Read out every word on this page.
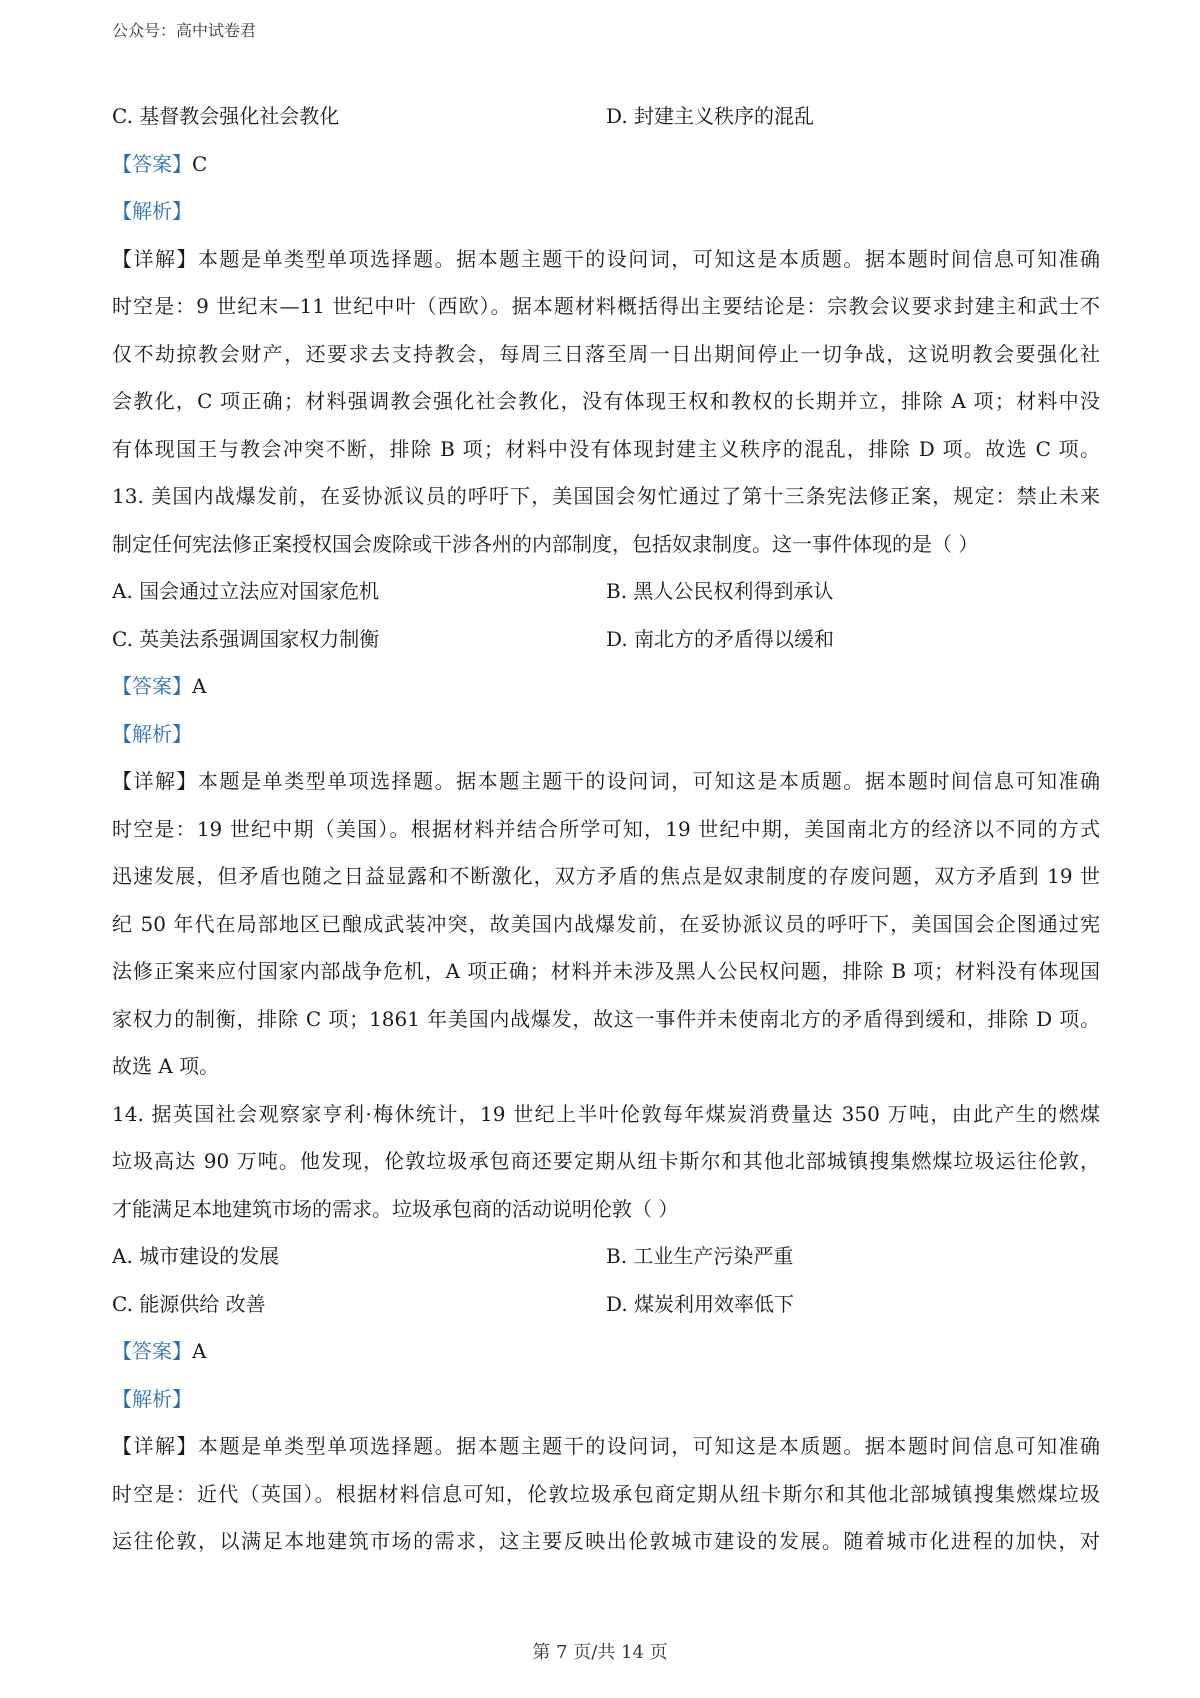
公众号：高中试卷君
C. 基督教会强化社会教化	D. 封建主义秩序的混乱
【答案】C
【解析】
【详解】本题是单类型单项选择题。据本题主题干的设问词，可知这是本质题。据本题时间信息可知准确
时空是：9 世纪末—11 世纪中叶（西欧）。据本题材料概括得出主要结论是：宗教会议要求封建主和武士不
仅不劫掠教会财产，还要求去支持教会，每周三日落至周一日出期间停止一切争战，这说明教会要强化社
会教化，C 项正确；材料强调教会强化社会教化，没有体现王权和教权的长期并立，排除 A 项；材料中没
有体现国王与教会冲突不断，排除 B 项；材料中没有体现封建主义秩序的混乱，排除 D 项。故选 C 项。
13. 美国内战爆发前，在妥协派议员的呼吁下，美国国会匆忙通过了第十三条宪法修正案，规定：禁止未来
制定任何宪法修正案授权国会废除或干涉各州的内部制度，包括奴隶制度。这一事件体现的是（ ）
A. 国会通过立法应对国家危机	B. 黑人公民权利得到承认
C. 英美法系强调国家权力制衡	D. 南北方的矛盾得以缓和
【答案】A
【解析】
【详解】本题是单类型单项选择题。据本题主题干的设问词，可知这是本质题。据本题时间信息可知准确
时空是：19 世纪中期（美国）。根据材料并结合所学可知，19 世纪中期，美国南北方的经济以不同的方式
迅速发展，但矛盾也随之日益显露和不断激化，双方矛盾的焦点是奴隶制度的存废问题，双方矛盾到 19 世
纪 50 年代在局部地区已酿成武装冲突，故美国内战爆发前，在妥协派议员的呼吁下，美国国会企图通过宪
法修正案来应付国家内部战争危机，A 项正确；材料并未涉及黑人公民权问题，排除 B 项；材料没有体现国
家权力的制衡，排除 C 项；1861 年美国内战爆发，故这一事件并未使南北方的矛盾得到缓和，排除 D 项。
故选 A 项。
14. 据英国社会观察家亨利·梅休统计，19 世纪上半叶伦敦每年煤炭消费量达 350 万吨，由此产生的燃煤
垃圾高达 90 万吨。他发现，伦敦垃圾承包商还要定期从纽卡斯尔和其他北部城镇搜集燃煤垃圾运往伦敦，
才能满足本地建筑市场的需求。垃圾承包商的活动说明伦敦（ ）
A. 城市建设的发展	B. 工业生产污染严重
C. 能源供给 改善	D. 煤炭利用效率低下
【答案】A
【解析】
【详解】本题是单类型单项选择题。据本题主题干的设问词，可知这是本质题。据本题时间信息可知准确
时空是：近代（英国）。根据材料信息可知，伦敦垃圾承包商定期从纽卡斯尔和其他北部城镇搜集燃煤垃圾
运往伦敦，以满足本地建筑市场的需求，这主要反映出伦敦城市建设的发展。随着城市化进程的加快，对
第 7 页/共 14 页
